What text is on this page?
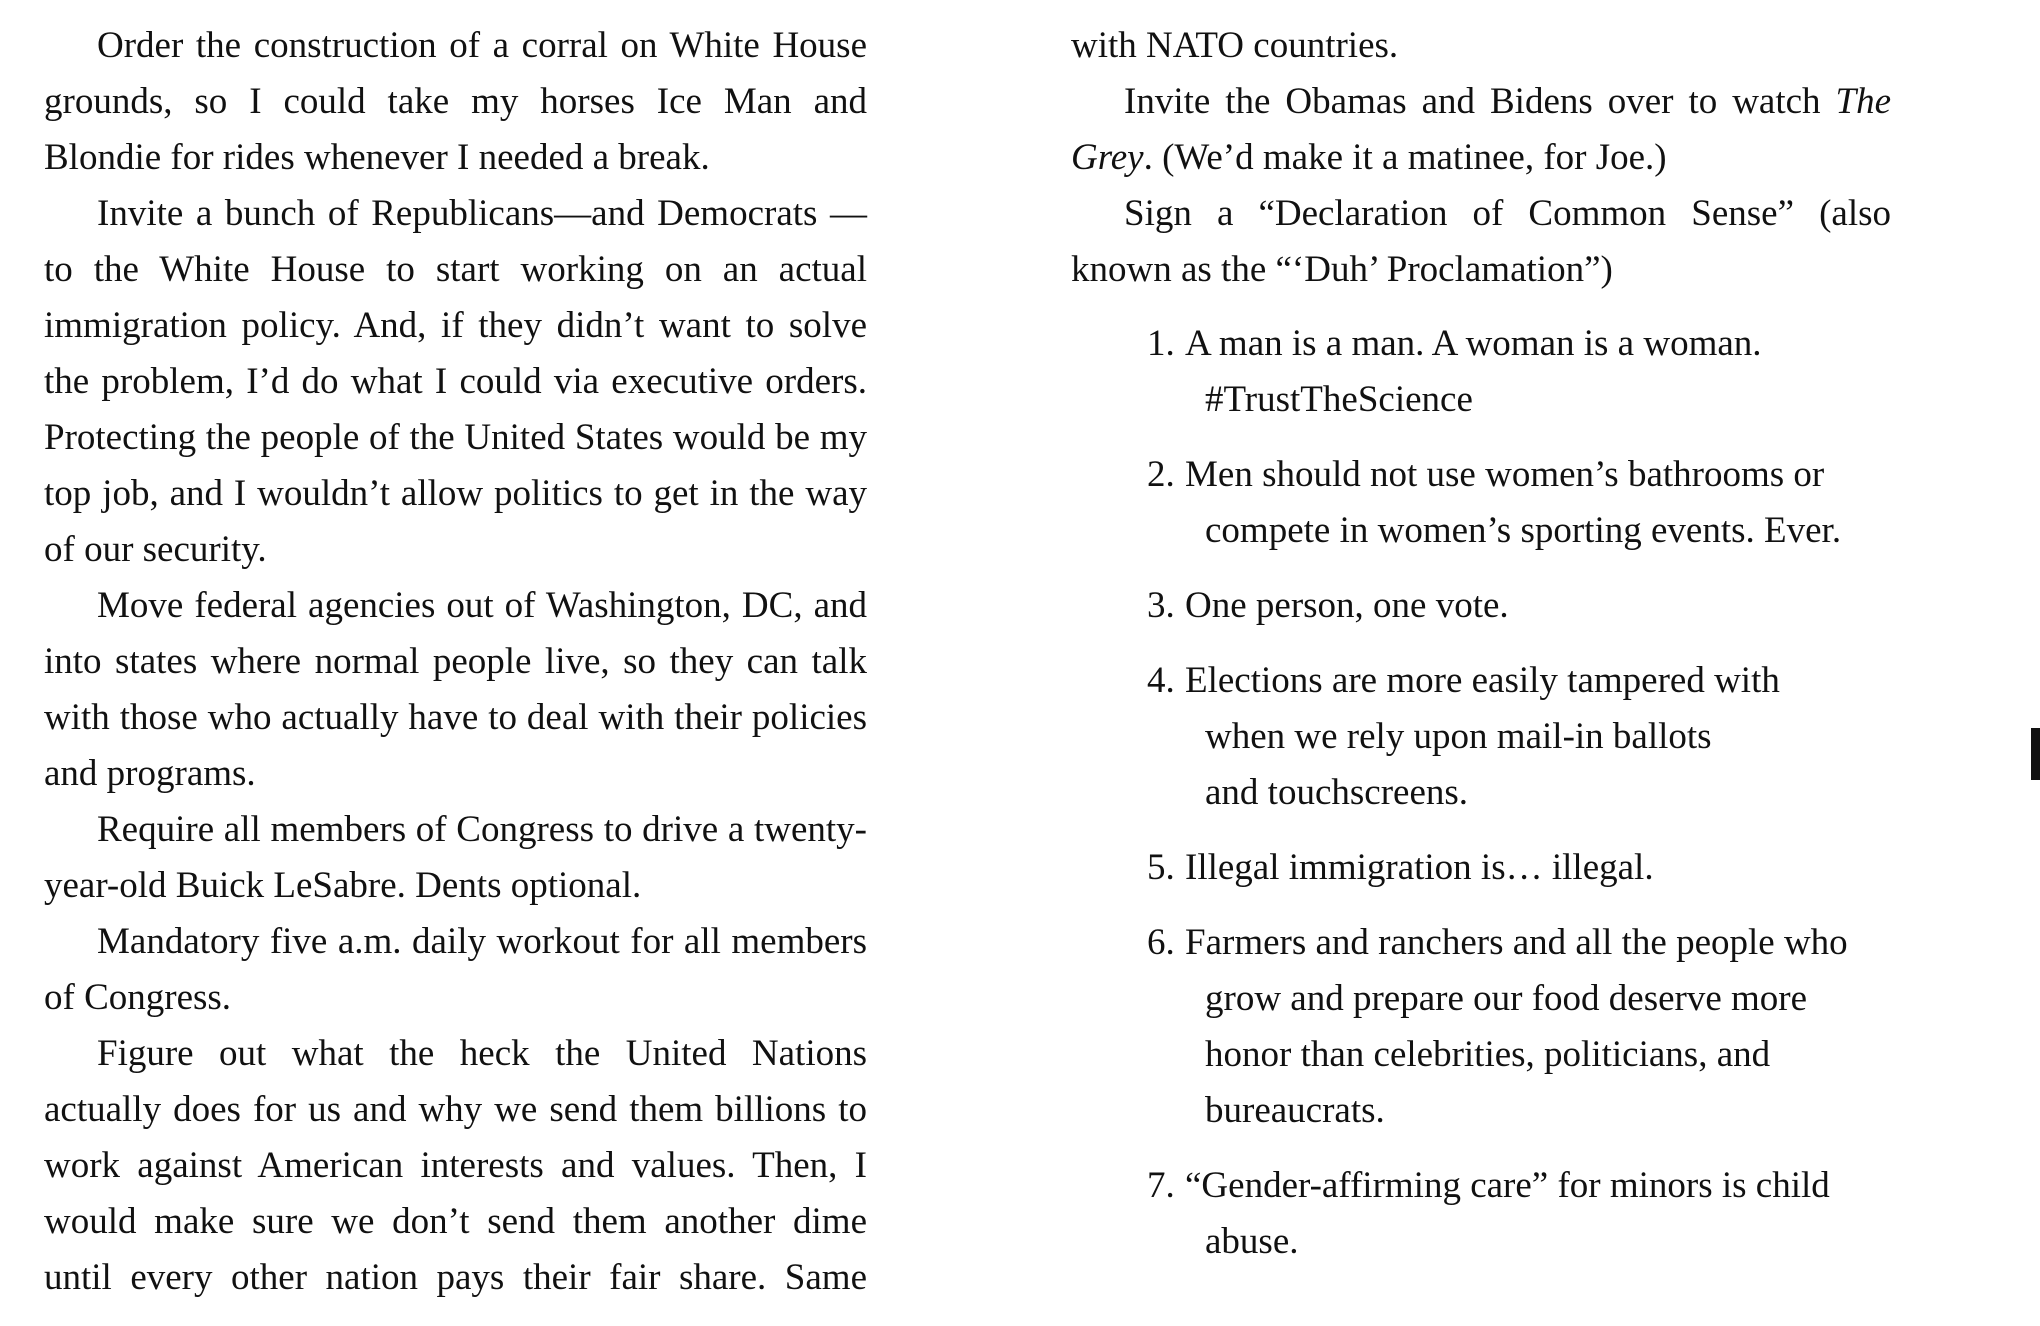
Order the construction of a corral on White House grounds, so I could take my horses Ice Man and Blondie for rides whenever I needed a break.

Invite a bunch of Republicans—and Democrats —to the White House to start working on an actual immigration policy. And, if they didn’t want to solve the problem, I’d do what I could via executive orders. Protecting the people of the United States would be my top job, and I wouldn’t allow politics to get in the way of our security.

Move federal agencies out of Washington, DC, and into states where normal people live, so they can talk with those who actually have to deal with their policies and programs.

Require all members of Congress to drive a twenty-year-old Buick LeSabre. Dents optional.

Mandatory five a.m. daily workout for all members of Congress.

Figure out what the heck the United Nations actually does for us and why we send them billions to work against American interests and values. Then, I would make sure we don’t send them another dime until every other nation pays their fair share. Same

with NATO countries.

Invite the Obamas and Bidens over to watch The Grey. (We’d make it a matinee, for Joe.)

Sign a “Declaration of Common Sense” (also known as the “‘Duh’ Proclamation”)

1. A man is a man. A woman is a woman.
#TrustTheScience
2. Men should not use women’s bathrooms or
compete in women’s sporting events. Ever.
3. One person, one vote.
4. Elections are more easily tampered with
when we rely upon mail-in ballots and touchscreens.
5. Illegal immigration is… illegal.
6. Farmers and ranchers and all the people who
grow and prepare our food deserve more honor than celebrities, politicians, and bureaucrats.
7. “Gender-affirming care” for minors is child
abuse.
